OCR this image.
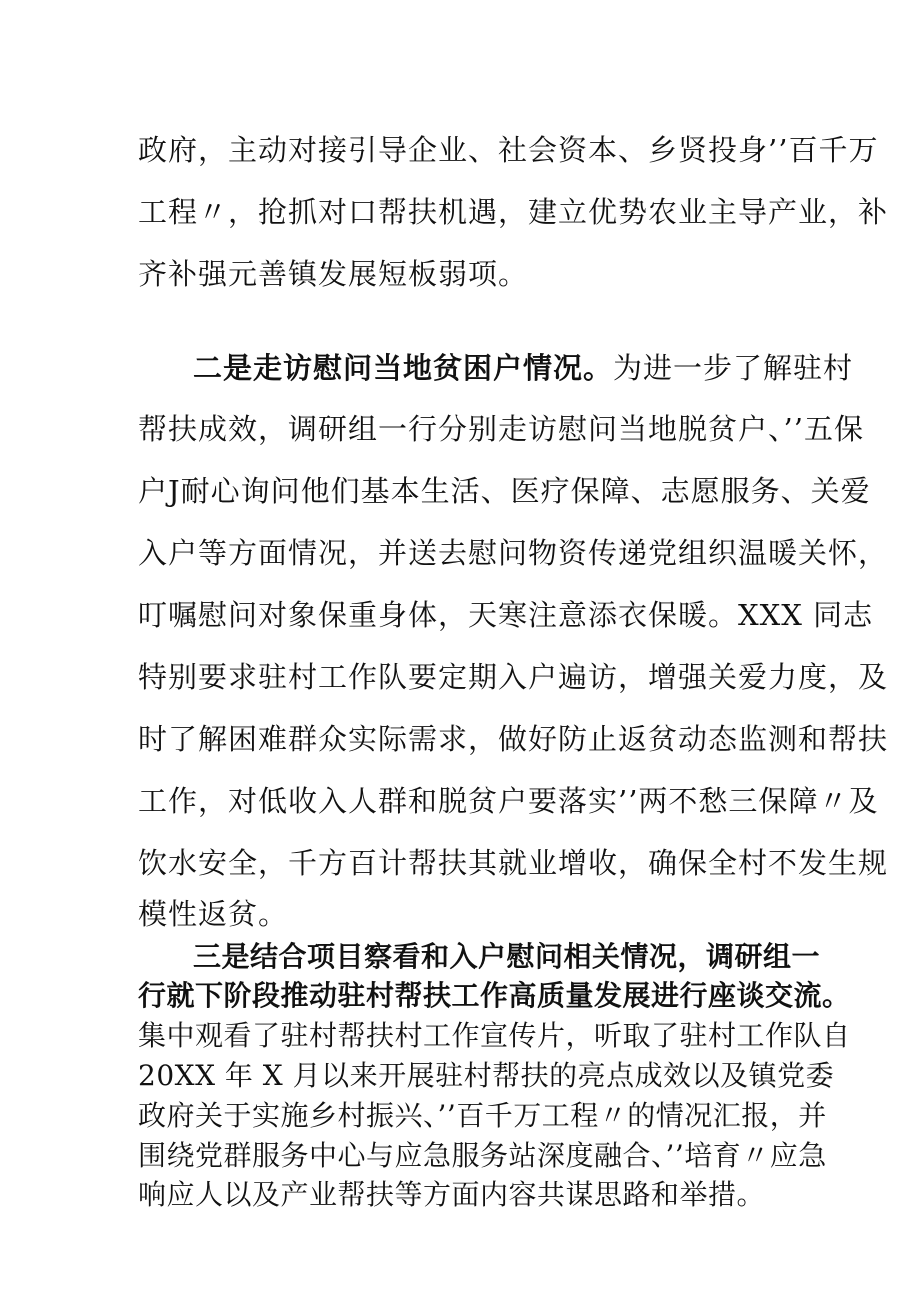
政府，主动对接引导企业、社会资本、乡贤投身’’百千万
工程〃，抢抓对口帮扶机遇，建立优势农业主导产业，补
齐补强元善镇发展短板弱项。
二是走访慰问当地贫困户情况。为进一步了解驻村
帮扶成效，调研组一行分别走访慰问当地脱贫户、’’五保
户J耐心询问他们基本生活、医疗保障、志愿服务、关爱
入户等方面情况，并送去慰问物资传递党组织温暖关怀，
叮嘱慰问对象保重身体，天寒注意添衣保暖。XXX 同志
特别要求驻村工作队要定期入户遍访，增强关爱力度，及
时了解困难群众实际需求，做好防止返贫动态监测和帮扶
工作，对低收入人群和脱贫户要落实’’两不愁三保障〃及
饮水安全，千方百计帮扶其就业增收，确保全村不发生规
模性返贫。
三是结合项目察看和入户慰问相关情况，调研组一
行就下阶段推动驻村帮扶工作高质量发展进行座谈交流。
集中观看了驻村帮扶村工作宣传片，听取了驻村工作队自
20XX 年 X 月以来开展驻村帮扶的亮点成效以及镇党委
政府关于实施乡村振兴、’’百千万工程〃的情况汇报，并
围绕党群服务中心与应急服务站深度融合、’’培育〃应急
响应人以及产业帮扶等方面内容共谋思路和举措。
